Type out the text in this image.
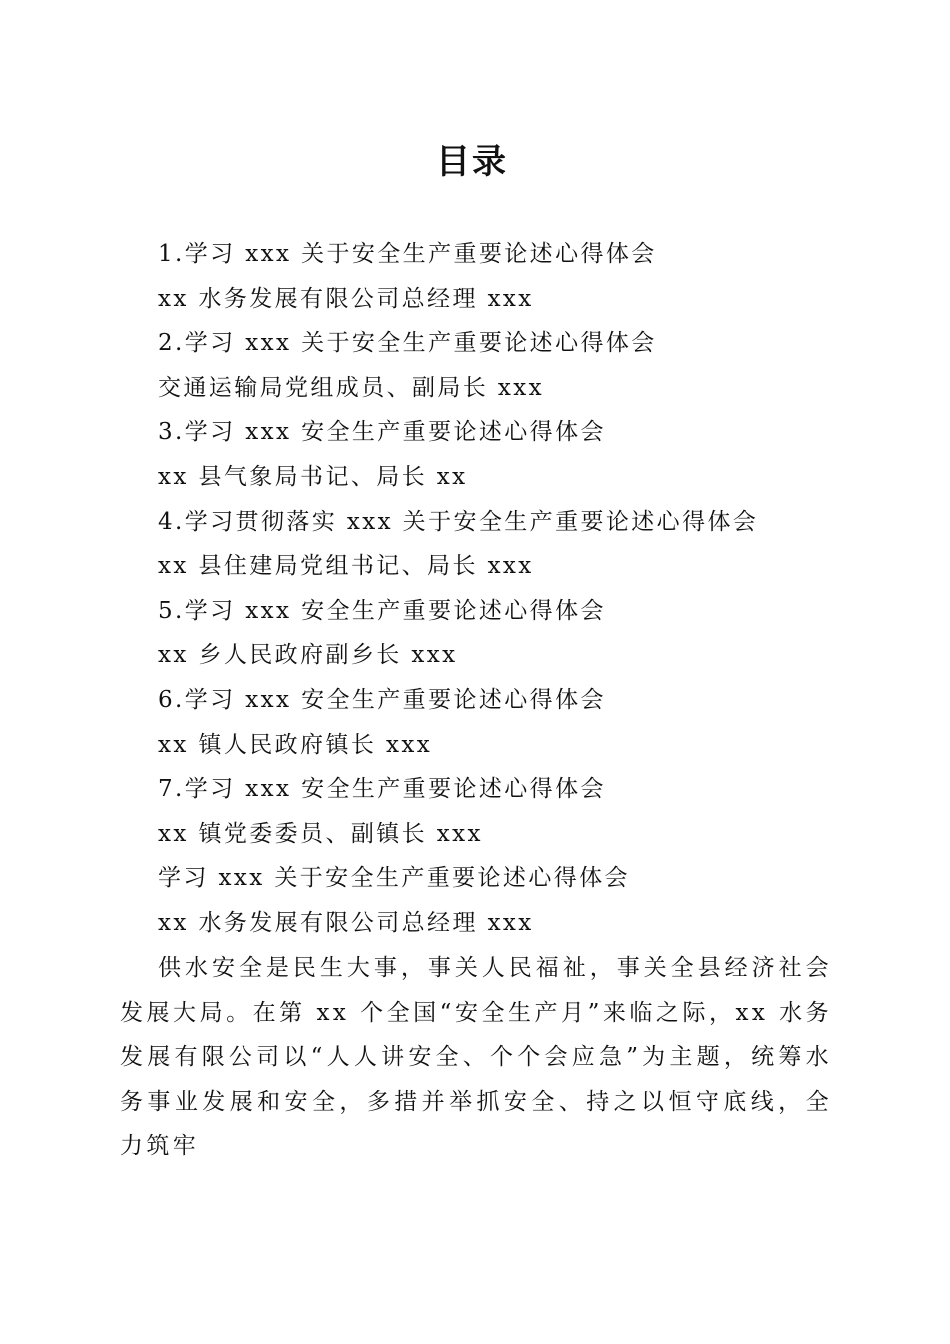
目录
1.学习 xxx 关于安全生产重要论述心得体会
xx 水务发展有限公司总经理 xxx
2.学习 xxx 关于安全生产重要论述心得体会
交通运输局党组成员、副局长 xxx
3.学习 xxx 安全生产重要论述心得体会
xx 县气象局书记、局长 xx
4.学习贯彻落实 xxx 关于安全生产重要论述心得体会
xx 县住建局党组书记、局长 xxx
5.学习 xxx 安全生产重要论述心得体会
xx 乡人民政府副乡长 xxx
6.学习 xxx 安全生产重要论述心得体会
xx 镇人民政府镇长 xxx
7.学习 xxx 安全生产重要论述心得体会
xx 镇党委委员、副镇长 xxx
学习 xxx 关于安全生产重要论述心得体会
xx 水务发展有限公司总经理 xxx

供水安全是民生大事，事关人民福祉，事关全县经济社会发展大局。在第 xx 个全国“安全生产月”来临之际，xx 水务发展有限公司以“人人讲安全、个个会应急”为主题，统筹水务事业发展和安全，多措并举抓安全、持之以恒守底线，全力筑牢
